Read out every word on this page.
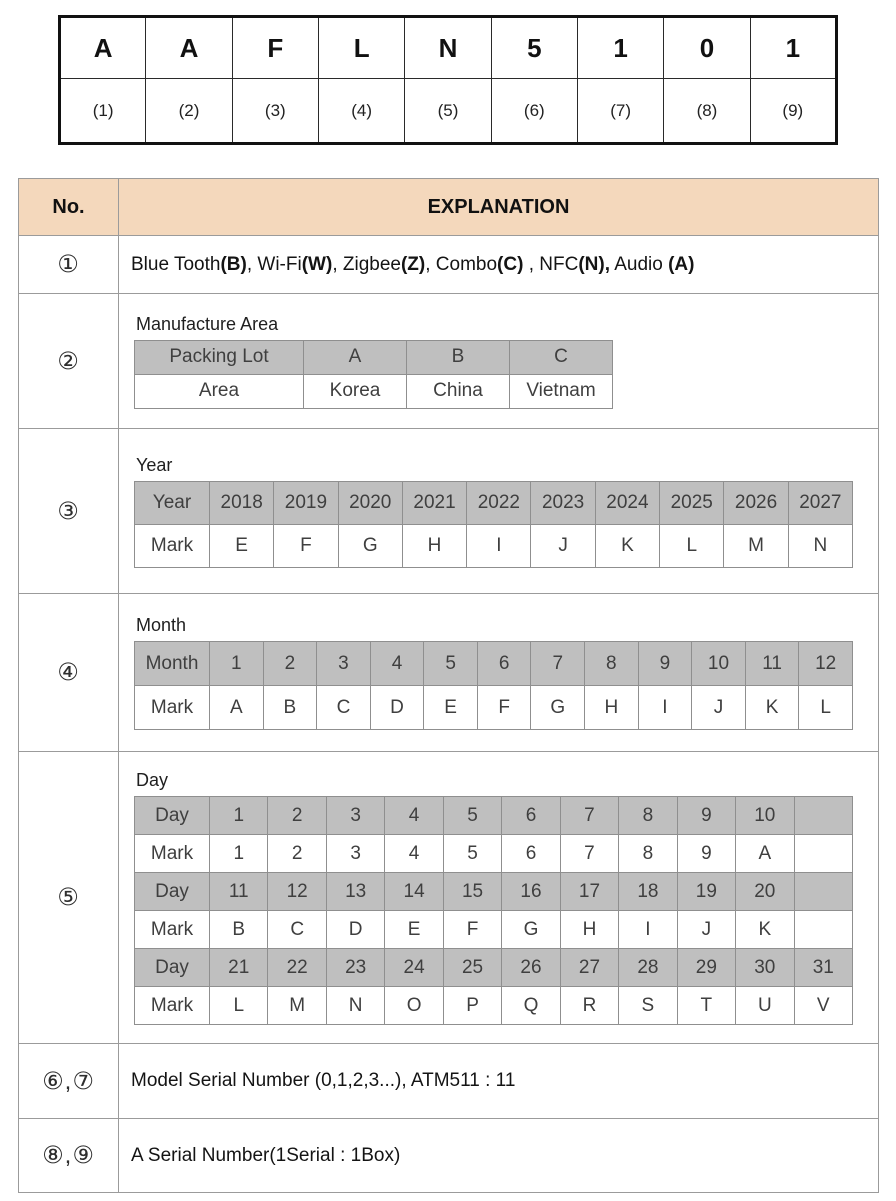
A	A	F	L	N	5	1	0	1
(1)	(2)	(3)	(4)	(5)	(6)	(7)	(8)	(9)
No.	EXPLANATION
①	Blue Tooth(B), Wi-Fi(W), Zigbee(Z), Combo(C) , NFC(N), Audio (A)
②	
Manufacture Area
Packing Lot	A	B	C
Area	Korea	China	Vietnam

③	
Year
Year	2018	2019	2020	2021	2022	2023	2024	2025	2026	2027
Mark	E	F	G	H	I	J	K	L	M	N

④	
Month
Month	1	2	3	4	5	6	7	8	9	10	11	12
Mark	A	B	C	D	E	F	G	H	I	J	K	L

⑤	
Day
Day	1	2	3	4	5	6	7	8	9	10	
Mark	1	2	3	4	5	6	7	8	9	A	
Day	11	12	13	14	15	16	17	18	19	20	
Mark	B	C	D	E	F	G	H	I	J	K	
Day	21	22	23	24	25	26	27	28	29	30	31
Mark	L	M	N	O	P	Q	R	S	T	U	V

⑥,⑦	Model Serial Number (0,1,2,3...), ATM511 : 11
⑧,⑨	A Serial Number(1Serial : 1Box)
